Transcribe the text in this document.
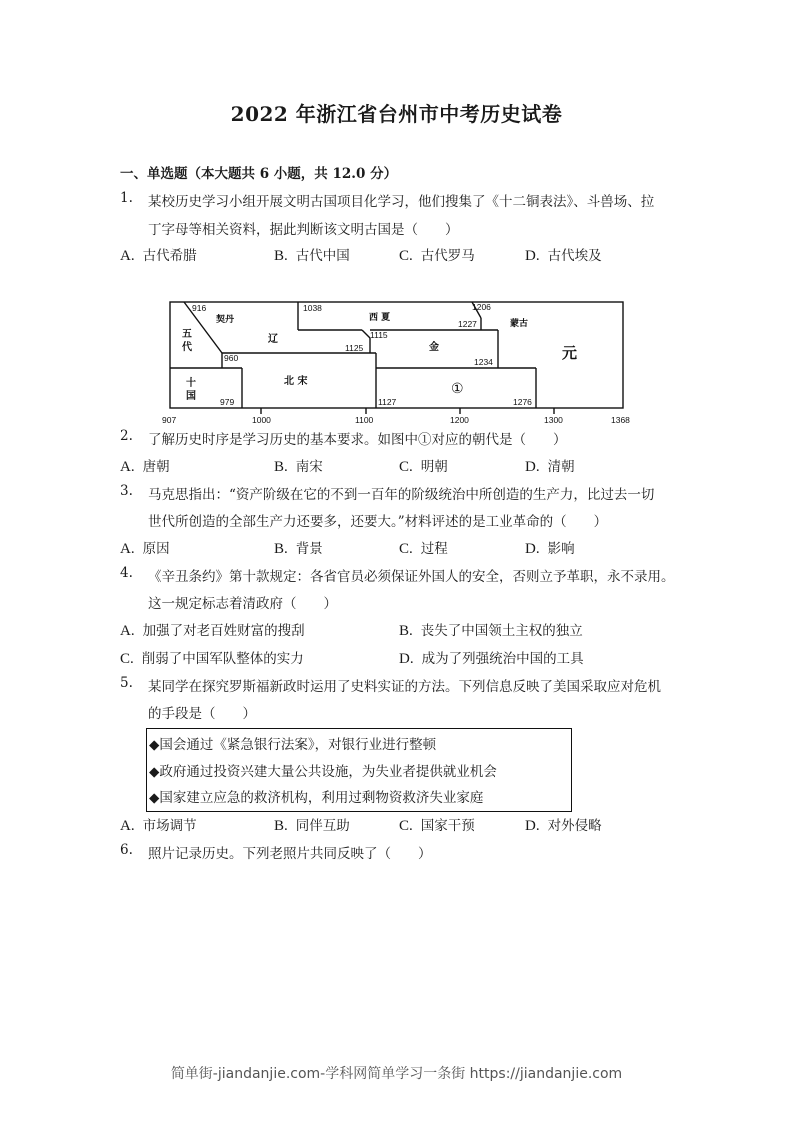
2022 年浙江省台州市中考历史试卷
一、单选题（本大题共 6 小题，共 12.0 分）
1. 某校历史学习小组开展文明古国项目化学习，他们搜集了《十二铜表法》、斗兽场、拉
丁字母等相关资料，据此判断该文明古国是（　　）
A. 古代希腊	B. 古代中国	C. 古代罗马	D. 古代埃及
五
代
十
国
契丹
辽
北 宋
西 夏
金
蒙古
元
①
916
960
979
1038
1115
1125
1127
1206
1227
1234
1276
907	1000	1100	1200	1300	1368
2. 了解历史时序是学习历史的基本要求。如图中①对应的朝代是（　　）
A. 唐朝	B. 南宋	C. 明朝	D. 清朝
3. 马克思指出：“资产阶级在它的不到一百年的阶级统治中所创造的生产力，比过去一切
世代所创造的全部生产力还要多，还要大。”材料评述的是工业革命的（　　）
A. 原因	B. 背景	C. 过程	D. 影响
4. 《辛丑条约》第十款规定：各省官员必须保证外国人的安全，否则立予革职，永不录用。
这一规定标志着清政府（　　）
A. 加强了对老百姓财富的搜刮	B. 丧失了中国领土主权的独立
C. 削弱了中国军队整体的实力	D. 成为了列强统治中国的工具
5. 某同学在探究罗斯福新政时运用了史料实证的方法。下列信息反映了美国采取应对危机
的手段是（　　）
◆国会通过《紧急银行法案》，对银行业进行整顿
◆政府通过投资兴建大量公共设施，为失业者提供就业机会
◆国家建立应急的救济机构，利用过剩物资救济失业家庭
A. 市场调节	B. 同伴互助	C. 国家干预	D. 对外侵略
6. 照片记录历史。下列老照片共同反映了（　　）
简单街-jiandanjie.com-学科网简单学习一条街 https://jiandanjie.com
